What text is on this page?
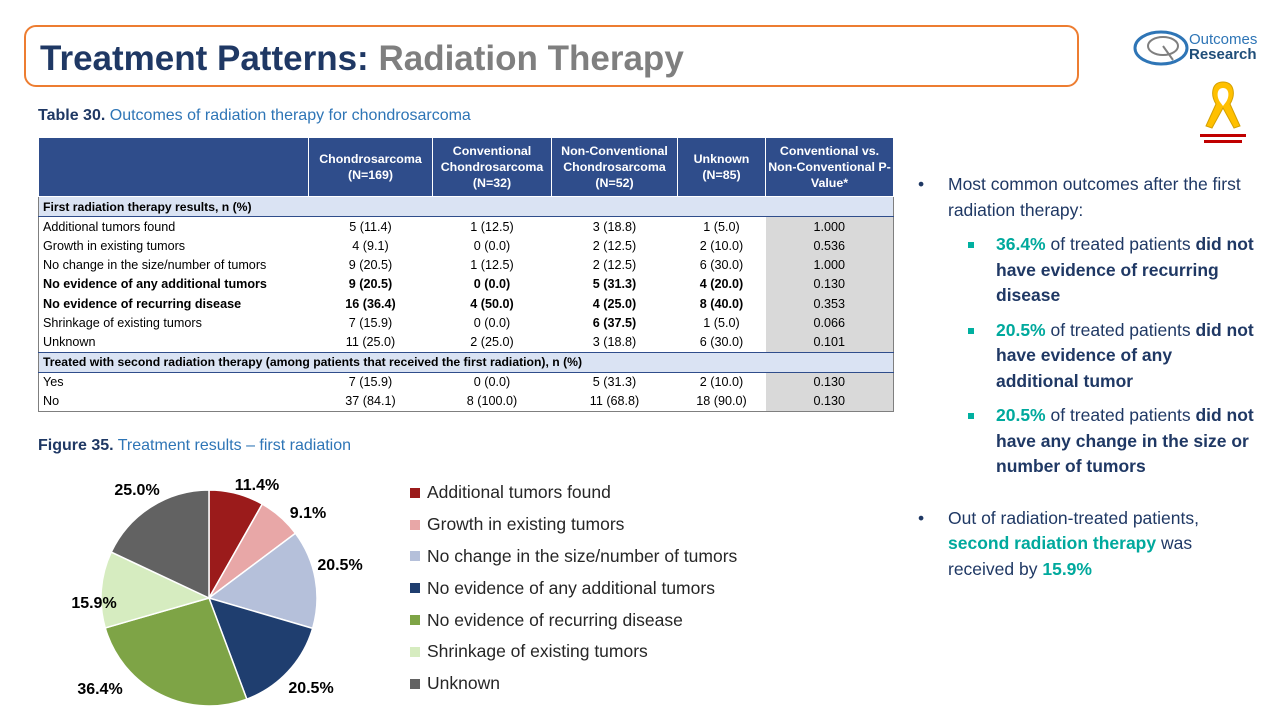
Treatment Patterns: Radiation Therapy	Outcomes
Research
Table 30. Outcomes of radiation therapy for chondrosarcoma
	Chondrosarcoma (N=169)	Conventional Chondrosarcoma (N=32)	Non-Conventional Chondrosarcoma (N=52)	Unknown (N=85)	Conventional vs. Non-Conventional P-Value*
First radiation therapy results, n (%)					
Additional tumors found	5 (11.4)	1 (12.5)	3 (18.8)	1 (5.0)	1.000
Growth in existing tumors	4 (9.1)	0 (0.0)	2 (12.5)	2 (10.0)	0.536
No change in the size/number of tumors	9 (20.5)	1 (12.5)	2 (12.5)	6 (30.0)	1.000
No evidence of any additional tumors	9 (20.5)	0 (0.0)	5 (31.3)	4 (20.0)	0.130
No evidence of recurring disease	16 (36.4)	4 (50.0)	4 (25.0)	8 (40.0)	0.353
Shrinkage of existing tumors	7 (15.9)	0 (0.0)	6 (37.5)	1 (5.0)	0.066
Unknown	11 (25.0)	2 (25.0)	3 (18.8)	6 (30.0)	0.101
Treated with second radiation therapy (among patients that received the first radiation), n (%)					
Yes	7 (15.9)	0 (0.0)	5 (31.3)	2 (10.0)	0.130
No	37 (84.1)	8 (100.0)	11 (68.8)	18 (90.0)	0.130
Figure 35. Treatment results – first radiation
11.4%
9.1%
20.5%
20.5%
36.4%
15.9%
25.0%	Additional tumors found
Growth in existing tumors
No change in the size/number of tumors
No evidence of any additional tumors
No evidence of recurring disease
Shrinkage of existing tumors
Unknown
• Most common outcomes after the first radiation therapy:
36.4% of treated patients did not have evidence of recurring disease
20.5% of treated patients did not have evidence of any additional tumor
20.5% of treated patients did not have any change in the size or number of tumors
• Out of radiation-treated patients, second radiation therapy was received by 15.9%
